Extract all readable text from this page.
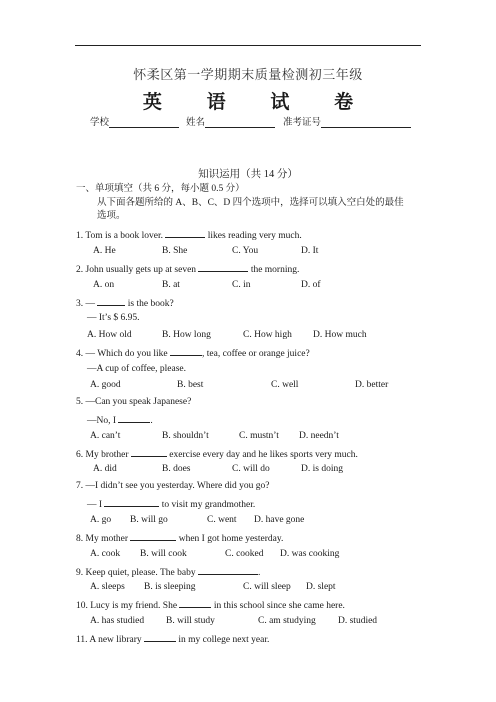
怀柔区第一学期期末质量检测初三年级
英 语 试 卷
学校	姓名	准考证号
知识运用（共 14 分）
一、单项填空（共 6 分，每小题 0.5 分）
从下面各题所给的 A、B、C、D 四个选项中，选择可以填入空白处的最佳
选项。
1. Tom is a book lover.	likes reading very much.
A. He	B. She	C. You	D. It
2. John usually gets up at seven	the morning.
A. on	B. at	C. in	D. of
3. —	is the book?
— It’s $ 6.95.
A. How old	B. How long	C. How high D. How much
4. — Which do you like	, tea, coffee or orange juice?
—A cup of coffee, please.
A. good	B. best	C. well	D. better
5. —Can you speak Japanese?
—No, I	.
A. can’t	B. shouldn’t	C. mustn’t D. needn’t
6. My brother	exercise every day and he likes sports very much.
A. did	B. does	C. will do	D. is doing
7. —I didn’t see you yesterday. Where did you go?
— I	to visit my grandmother.
A. go B. will go	C. went D. have gone
8. My mother	when I got home yesterday.
A. cook B. will cook	C. cooked D. was cooking
9. Keep quiet, please. The baby	.
A. sleeps B. is sleeping	C. will sleep D. slept
10. Lucy is my friend. She	in this school since she came here.
A. has studied B. will study	C. am studying D. studied
11. A new library	in my college next year.
